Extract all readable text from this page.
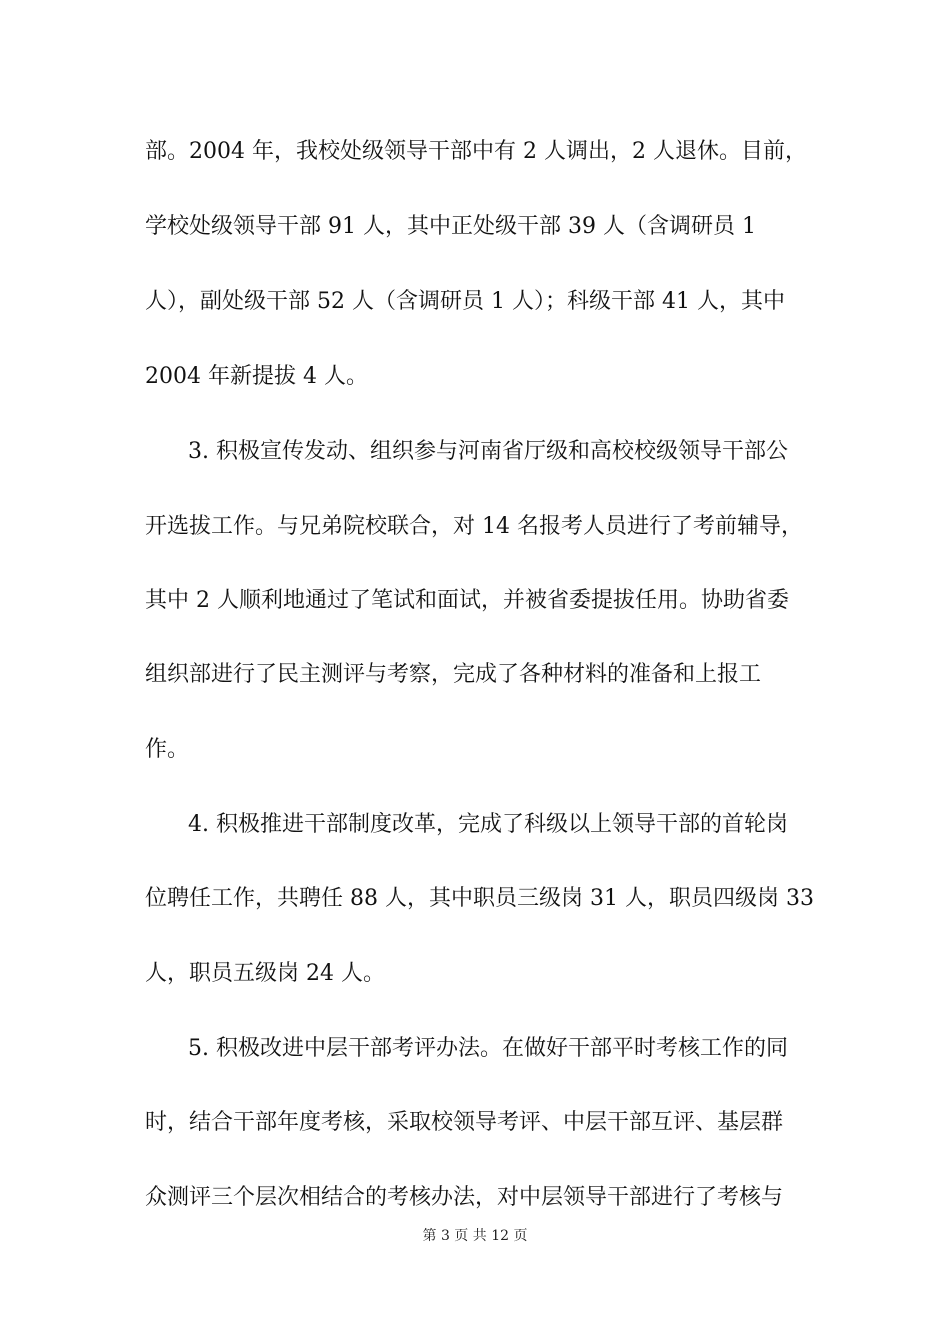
部。2004 年，我校处级领导干部中有 2 人调出，2 人退休。目前，

学校处级领导干部 91 人，其中正处级干部 39 人（含调研员 1

人），副处级干部 52 人（含调研员 1 人）；科级干部 41 人，其中

2004 年新提拔 4 人。

3. 积极宣传发动、组织参与河南省厅级和高校校级领导干部公

开选拔工作。与兄弟院校联合，对 14 名报考人员进行了考前辅导，

其中 2 人顺利地通过了笔试和面试，并被省委提拔任用。协助省委

组织部进行了民主测评与考察，完成了各种材料的准备和上报工

作。

4. 积极推进干部制度改革，完成了科级以上领导干部的首轮岗

位聘任工作，共聘任 88 人，其中职员三级岗 31 人，职员四级岗 33

人，职员五级岗 24 人。

5. 积极改进中层干部考评办法。在做好干部平时考核工作的同

时，结合干部年度考核，采取校领导考评、中层干部互评、基层群

众测评三个层次相结合的考核办法，对中层领导干部进行了考核与

第 3 页 共 12 页
